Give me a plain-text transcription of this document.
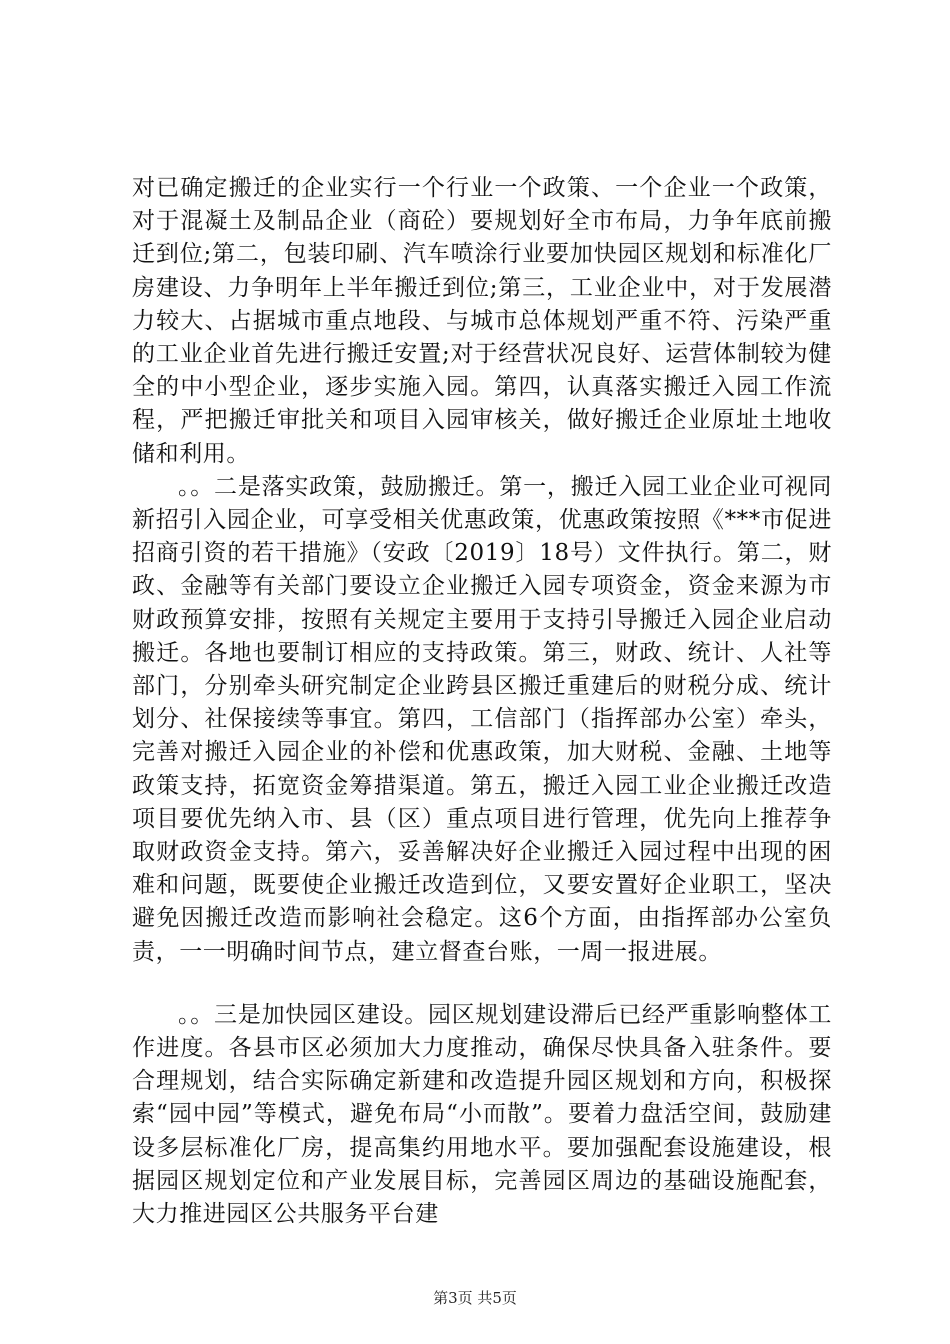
对已确定搬迁的企业实行一个行业一个政策、一个企业一个政策，对于混凝土及制品企业（商砼）要规划好全市布局，力争年底前搬迁到位;第二，包装印刷、汽车喷涂行业要加快园区规划和标准化厂房建设、力争明年上半年搬迁到位;第三，工业企业中，对于发展潜力较大、占据城市重点地段、与城市总体规划严重不符、污染严重的工业企业首先进行搬迁安置;对于经营状况良好、运营体制较为健全的中小型企业，逐步实施入园。第四，认真落实搬迁入园工作流程，严把搬迁审批关和项目入园审核关，做好搬迁企业原址土地收储和利用。

。。二是落实政策，鼓励搬迁。第一，搬迁入园工业企业可视同新招引入园企业，可享受相关优惠政策，优惠政策按照《***市促进招商引资的若干措施》（安政〔2019〕18号）文件执行。第二，财政、金融等有关部门要设立企业搬迁入园专项资金，资金来源为市财政预算安排，按照有关规定主要用于支持引导搬迁入园企业启动搬迁。各地也要制订相应的支持政策。第三，财政、统计、人社等部门，分别牵头研究制定企业跨县区搬迁重建后的财税分成、统计划分、社保接续等事宜。第四，工信部门（指挥部办公室）牵头，完善对搬迁入园企业的补偿和优惠政策，加大财税、金融、土地等政策支持，拓宽资金筹措渠道。第五，搬迁入园工业企业搬迁改造项目要优先纳入市、县（区）重点项目进行管理，优先向上推荐争取财政资金支持。第六，妥善解决好企业搬迁入园过程中出现的困难和问题，既要使企业搬迁改造到位，又要安置好企业职工，坚决避免因搬迁改造而影响社会稳定。这6个方面，由指挥部办公室负责，一一明确时间节点，建立督查台账，一周一报进展。

。。三是加快园区建设。园区规划建设滞后已经严重影响整体工作进度。各县市区必须加大力度推动，确保尽快具备入驻条件。要合理规划，结合实际确定新建和改造提升园区规划和方向，积极探索“园中园”等模式，避免布局“小而散”。要着力盘活空间，鼓励建设多层标准化厂房，提高集约用地水平。要加强配套设施建设，根据园区规划定位和产业发展目标，完善园区周边的基础设施配套，大力推进园区公共服务平台建

第3页 共5页
